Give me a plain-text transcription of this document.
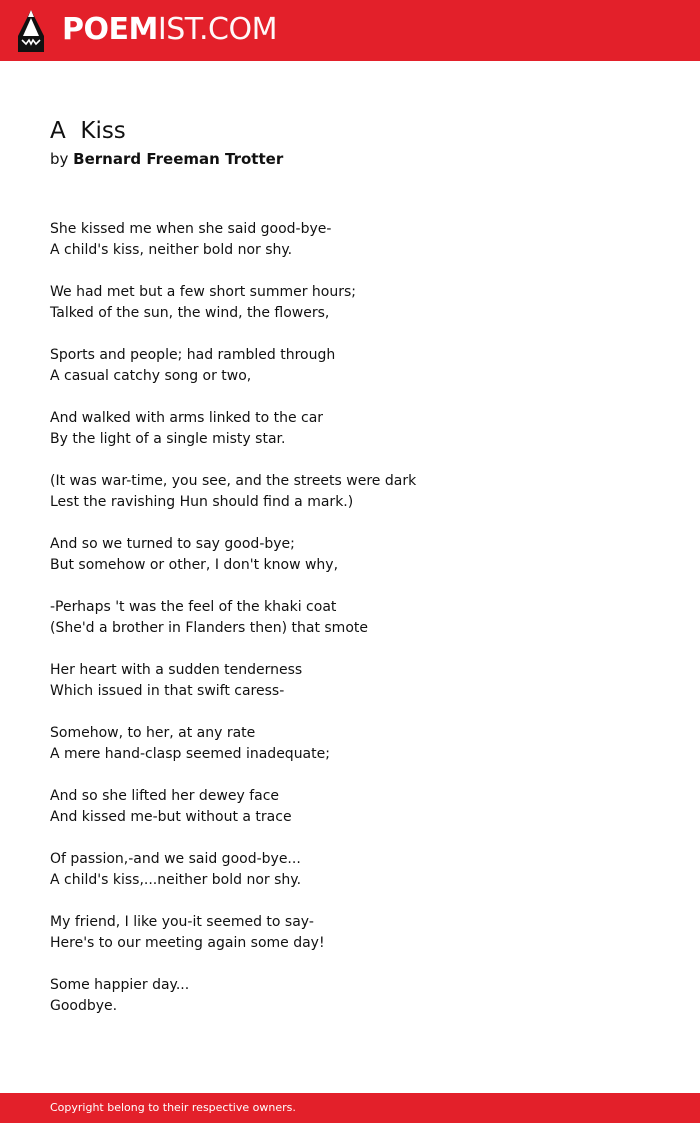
POEMIST.COM
A  Kiss
by Bernard Freeman Trotter
She kissed me when she said good-bye-
A child's kiss, neither bold nor shy.
We had met but a few short summer hours;
Talked of the sun, the wind, the flowers,
Sports and people; had rambled through
A casual catchy song or two,
And walked with arms linked to the car
By the light of a single misty star.
(It was war-time, you see, and the streets were dark
Lest the ravishing Hun should find a mark.)
And so we turned to say good-bye;
But somehow or other, I don't know why,
-Perhaps 't was the feel of the khaki coat
(She'd a brother in Flanders then) that smote
Her heart with a sudden tenderness
Which issued in that swift caress-
Somehow, to her, at any rate
A mere hand-clasp seemed inadequate;
And so she lifted her dewey face
And kissed me-but without a trace
Of passion,-and we said good-bye...
A child's kiss,...neither bold nor shy.
My friend, I like you-it seemed to say-
Here's to our meeting again some day!
Some happier day...
Goodbye.
Copyright belong to their respective owners.
